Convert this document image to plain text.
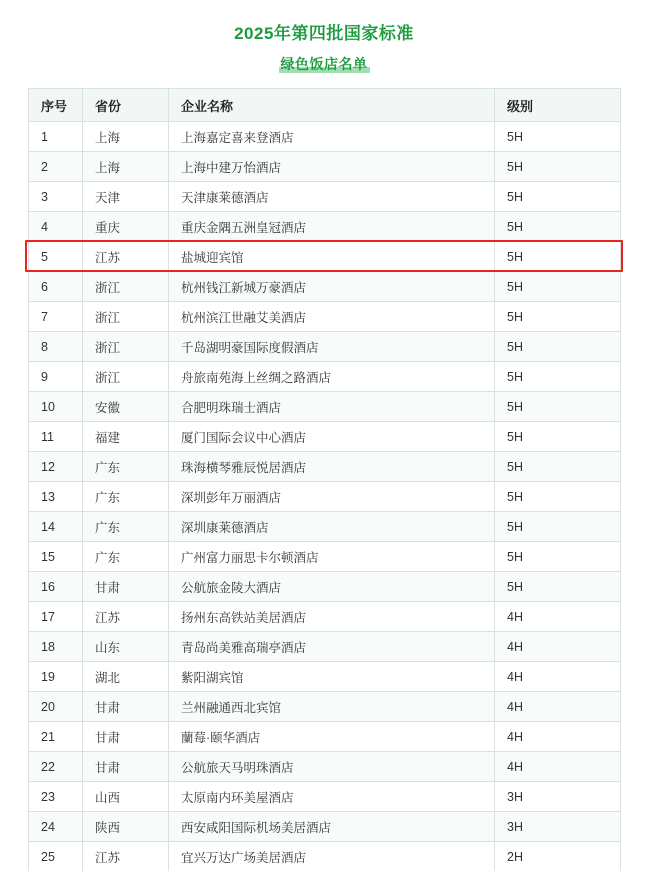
2025年第四批国家标准
绿色饭店名单
序号	省份	企业名称	级别
1	上海	上海嘉定喜来登酒店	5H
2	上海	上海中建万怡酒店	5H
3	天津	天津康莱德酒店	5H
4	重庆	重庆金隅五洲皇冠酒店	5H
5	江苏	盐城迎宾馆	5H
6	浙江	杭州钱江新城万豪酒店	5H
7	浙江	杭州滨江世融艾美酒店	5H
8	浙江	千岛湖明豪国际度假酒店	5H
9	浙江	舟旅南苑海上丝绸之路酒店	5H
10	安徽	合肥明珠瑞士酒店	5H
11	福建	厦门国际会议中心酒店	5H
12	广东	珠海横琴雅辰悦居酒店	5H
13	广东	深圳彭年万丽酒店	5H
14	广东	深圳康莱德酒店	5H
15	广东	广州富力丽思卡尔顿酒店	5H
16	甘肃	公航旅金陵大酒店	5H
17	江苏	扬州东高铁站美居酒店	4H
18	山东	青岛尚美雅高瑞亭酒店	4H
19	湖北	紫阳湖宾馆	4H
20	甘肃	兰州融通西北宾馆	4H
21	甘肃	蘭莓·颐华酒店	4H
22	甘肃	公航旅天马明珠酒店	4H
23	山西	太原南内环美屋酒店	3H
24	陕西	西安咸阳国际机场美居酒店	3H
25	江苏	宜兴万达广场美居酒店	2H
